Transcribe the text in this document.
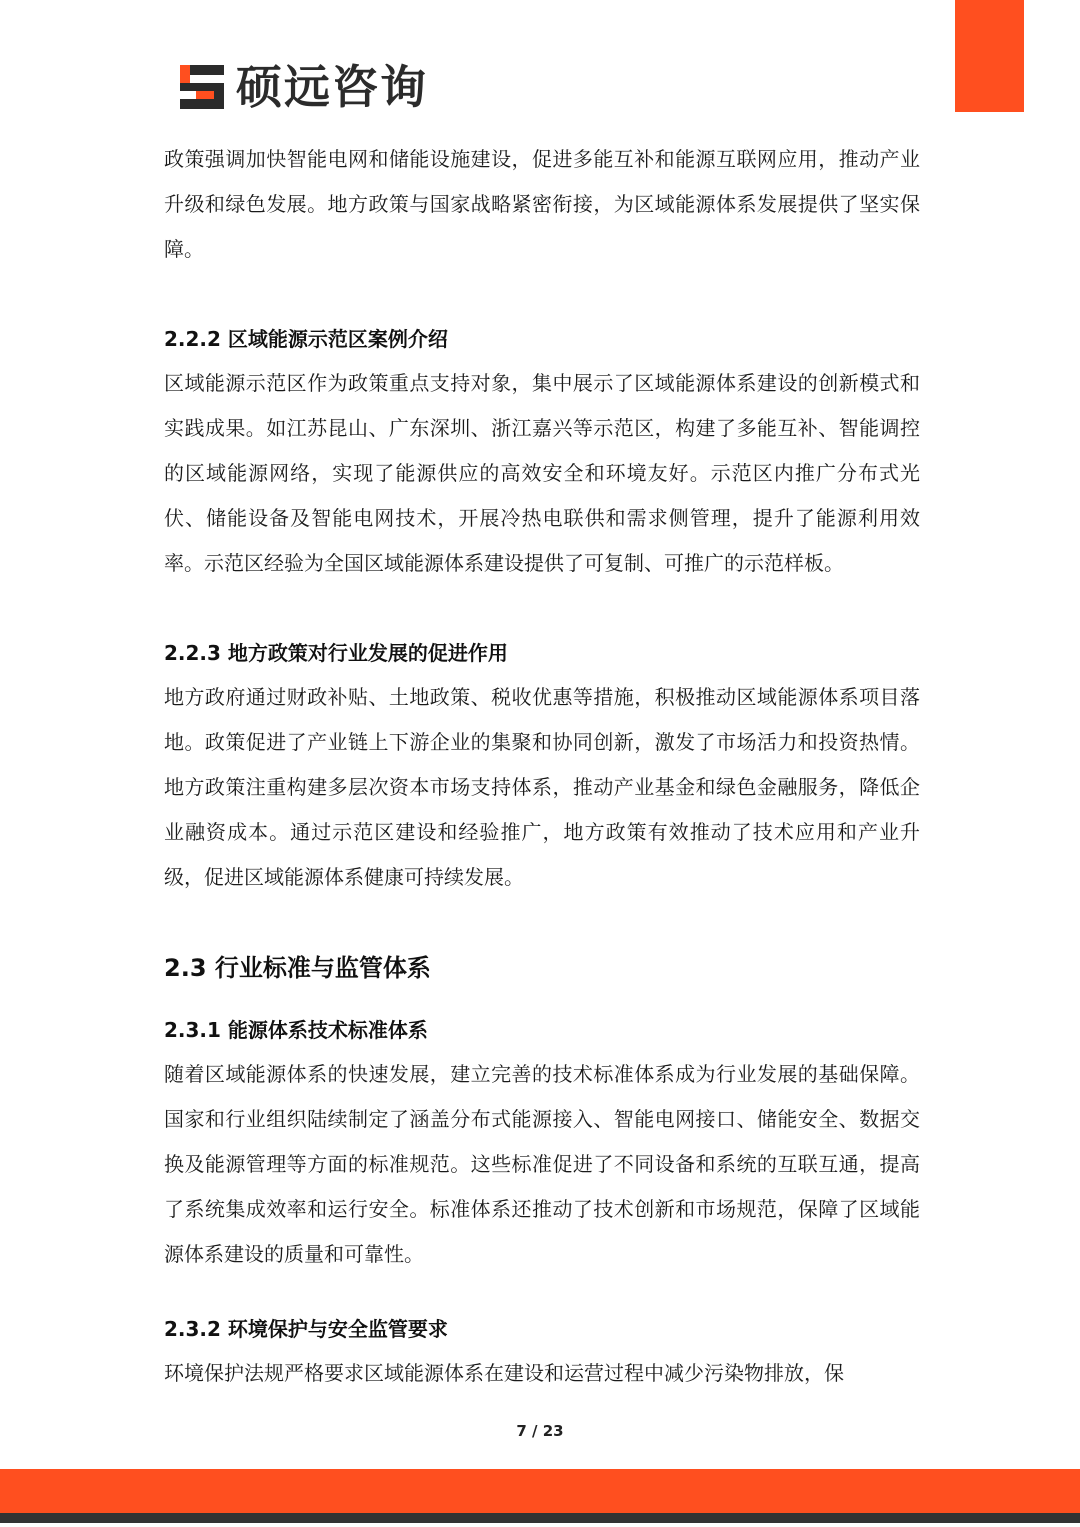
硕远咨询

政策强调加快智能电网和储能设施建设，促进多能互补和能源互联网应用，推动产业升级和绿色发展。地方政策与国家战略紧密衔接，为区域能源体系发展提供了坚实保障。

2.2.2 区域能源示范区案例介绍

区域能源示范区作为政策重点支持对象，集中展示了区域能源体系建设的创新模式和实践成果。如江苏昆山、广东深圳、浙江嘉兴等示范区，构建了多能互补、智能调控的区域能源网络，实现了能源供应的高效安全和环境友好。示范区内推广分布式光伏、储能设备及智能电网技术，开展冷热电联供和需求侧管理，提升了能源利用效率。示范区经验为全国区域能源体系建设提供了可复制、可推广的示范样板。

2.2.3 地方政策对行业发展的促进作用

地方政府通过财政补贴、土地政策、税收优惠等措施，积极推动区域能源体系项目落地。政策促进了产业链上下游企业的集聚和协同创新，激发了市场活力和投资热情。地方政策注重构建多层次资本市场支持体系，推动产业基金和绿色金融服务，降低企业融资成本。通过示范区建设和经验推广，地方政策有效推动了技术应用和产业升级，促进区域能源体系健康可持续发展。

2.3 行业标准与监管体系
2.3.1 能源体系技术标准体系

随着区域能源体系的快速发展，建立完善的技术标准体系成为行业发展的基础保障。国家和行业组织陆续制定了涵盖分布式能源接入、智能电网接口、储能安全、数据交换及能源管理等方面的标准规范。这些标准促进了不同设备和系统的互联互通，提高了系统集成效率和运行安全。标准体系还推动了技术创新和市场规范，保障了区域能源体系建设的质量和可靠性。

2.3.2 环境保护与安全监管要求

环境保护法规严格要求区域能源体系在建设和运营过程中减少污染物排放，保

7 / 23
